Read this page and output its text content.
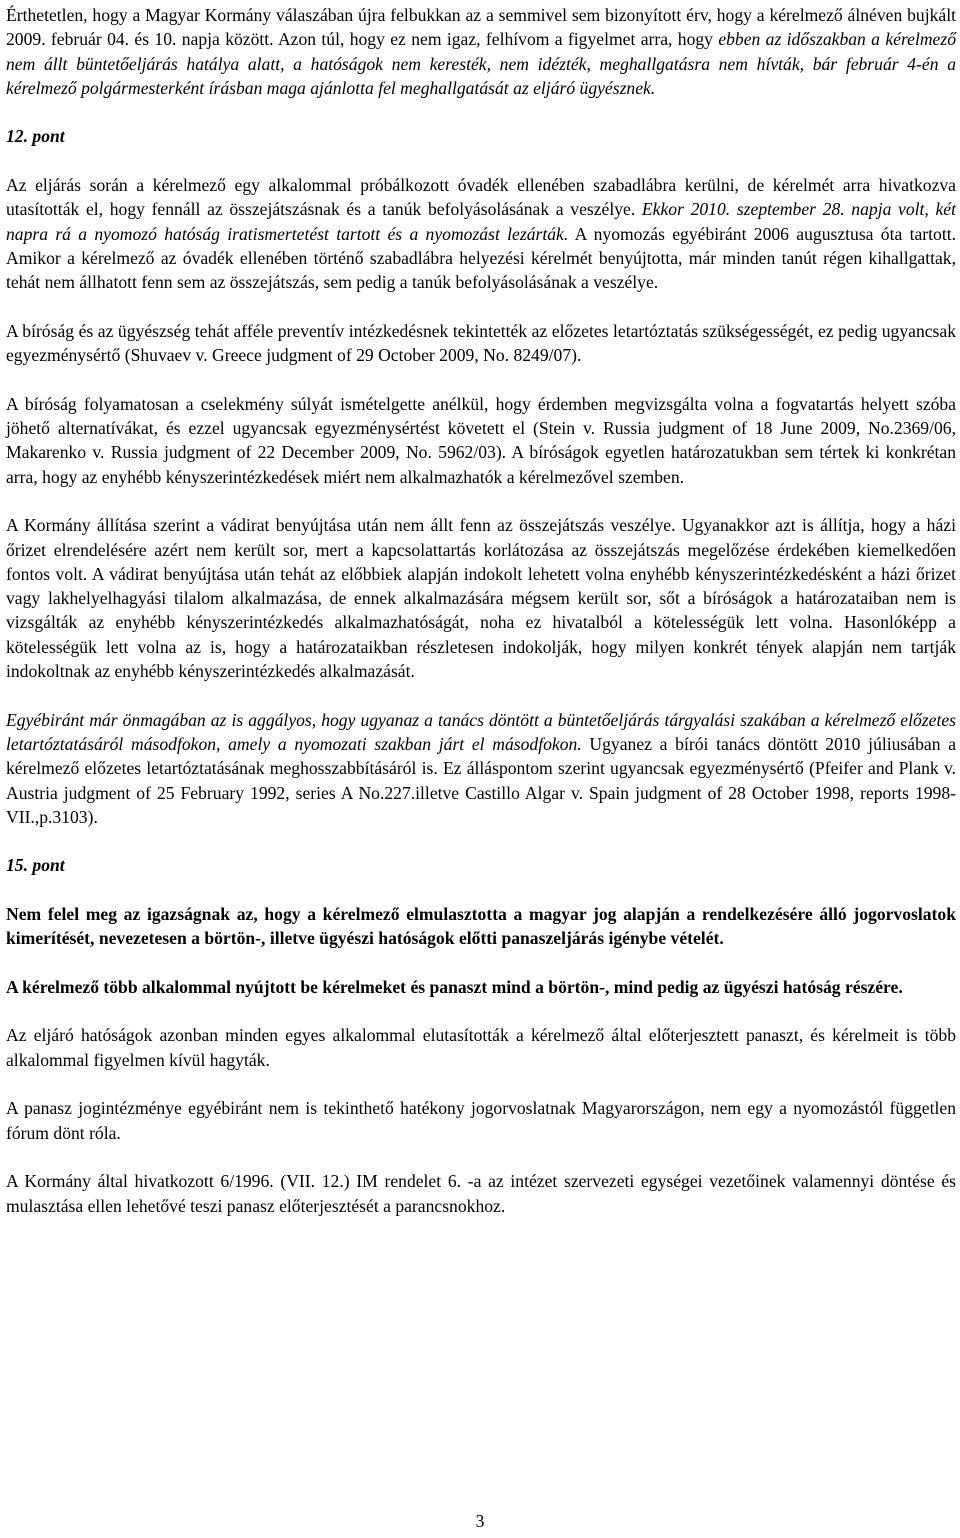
Érthetetlen, hogy a Magyar Kormány válaszában újra felbukkan az a semmivel sem bizonyított érv, hogy a kérelmező álnéven bujkált 2009. február 04. és 10. napja között. Azon túl, hogy ez nem igaz, felhívom a figyelmet arra, hogy ebben az időszakban a kérelmező nem állt büntetőeljárás hatálya alatt, a hatóságok nem keresték, nem idézték, meghallgatásra nem hívták, bár február 4-én a kérelmező polgármesterként írásban maga ajánlotta fel meghallgatását az eljáró ügyésznek.

12. pont

Az eljárás során a kérelmező egy alkalommal próbálkozott óvadék ellenében szabadlábra kerülni, de kérelmét arra hivatkozva utasították el, hogy fennáll az összejátszásnak és a tanúk befolyásolásának a veszélye. Ekkor 2010. szeptember 28. napja volt, két napra rá a nyomozó hatóság iratismertetést tartott és a nyomozást lezárták. A nyomozás egyébiránt 2006 augusztusa óta tartott. Amikor a kérelmező az óvadék ellenében történő szabadlábra helyezési kérelmét benyújtotta, már minden tanút régen kihallgattak, tehát nem állhatott fenn sem az összejátszás, sem pedig a tanúk befolyásolásának a veszélye.

A bíróság és az ügyészség tehát afféle preventív intézkedésnek tekintették az előzetes letartóztatás szükségességét, ez pedig ugyancsak egyezménysértő (Shuvaev v. Greece judgment of 29 October 2009, No. 8249/07).

A bíróság folyamatosan a cselekmény súlyát ismételgette anélkül, hogy érdemben megvizsgálta volna a fogvatartás helyett szóba jöhető alternatívákat, és ezzel ugyancsak egyezménysértést követett el (Stein v. Russia judgment of 18 June 2009, No.2369/06, Makarenko v. Russia judgment of 22 December 2009, No. 5962/03). A bíróságok egyetlen határozatukban sem tértek ki konkrétan arra, hogy az enyhébb kényszerintézkedések miért nem alkalmazhatók a kérelmezővel szemben.

A Kormány állítása szerint a vádirat benyújtása után nem állt fenn az összejátszás veszélye. Ugyanakkor azt is állítja, hogy a házi őrizet elrendelésére azért nem került sor, mert a kapcsolattartás korlátozása az összejátszás megelőzése érdekében kiemelkedően fontos volt. A vádirat benyújtása után tehát az előbbiek alapján indokolt lehetett volna enyhébb kényszerintézkedésként a házi őrizet vagy lakhelyelhagyási tilalom alkalmazása, de ennek alkalmazására mégsem került sor, sőt a bíróságok a határozataiban nem is vizsgálták az enyhébb kényszerintézkedés alkalmazhatóságát, noha ez hivatalból a kötelességük lett volna. Hasonlóképp a kötelességük lett volna az is, hogy a határozataikban részletesen indokolják, hogy milyen konkrét tények alapján nem tartják indokoltnak az enyhébb kényszerintézkedés alkalmazását.

Egyébiránt már önmagában az is aggályos, hogy ugyanaz a tanács döntött a büntetőeljárás tárgyalási szakában a kérelmező előzetes letartóztatásáról másodfokon, amely a nyomozati szakban járt el másodfokon. Ugyanez a bírói tanács döntött 2010 júliusában a kérelmező előzetes letartóztatásának meghosszabbításáról is. Ez álláspontom szerint ugyancsak egyezménysértő (Pfeifer and Plank v. Austria judgment of 25 February 1992, series A No.227.illetve Castillo Algar v. Spain judgment of 28 October 1998, reports 1998-VII.,p.3103).

15. pont

Nem felel meg az igazságnak az, hogy a kérelmező elmulasztotta a magyar jog alapján a rendelkezésére álló jogorvoslatok kimerítését, nevezetesen a börtön-, illetve ügyészi hatóságok előtti panaszeljárás igénybe vételét.

A kérelmező több alkalommal nyújtott be kérelmeket és panaszt mind a börtön-, mind pedig az ügyészi hatóság részére.

Az eljáró hatóságok azonban minden egyes alkalommal elutasították a kérelmező által előterjesztett panaszt, és kérelmeit is több alkalommal figyelmen kívül hagyták.

A panasz jogintézménye egyébiránt nem is tekinthető hatékony jogorvoslatnak Magyarországon, nem egy a nyomozástól független fórum dönt róla.

A Kormány által hivatkozott 6/1996. (VII. 12.) IM rendelet 6. -a az intézet szervezeti egységei vezetőinek valamennyi döntése és mulasztása ellen lehetővé teszi panasz előterjesztését a parancsnokhoz.

3
